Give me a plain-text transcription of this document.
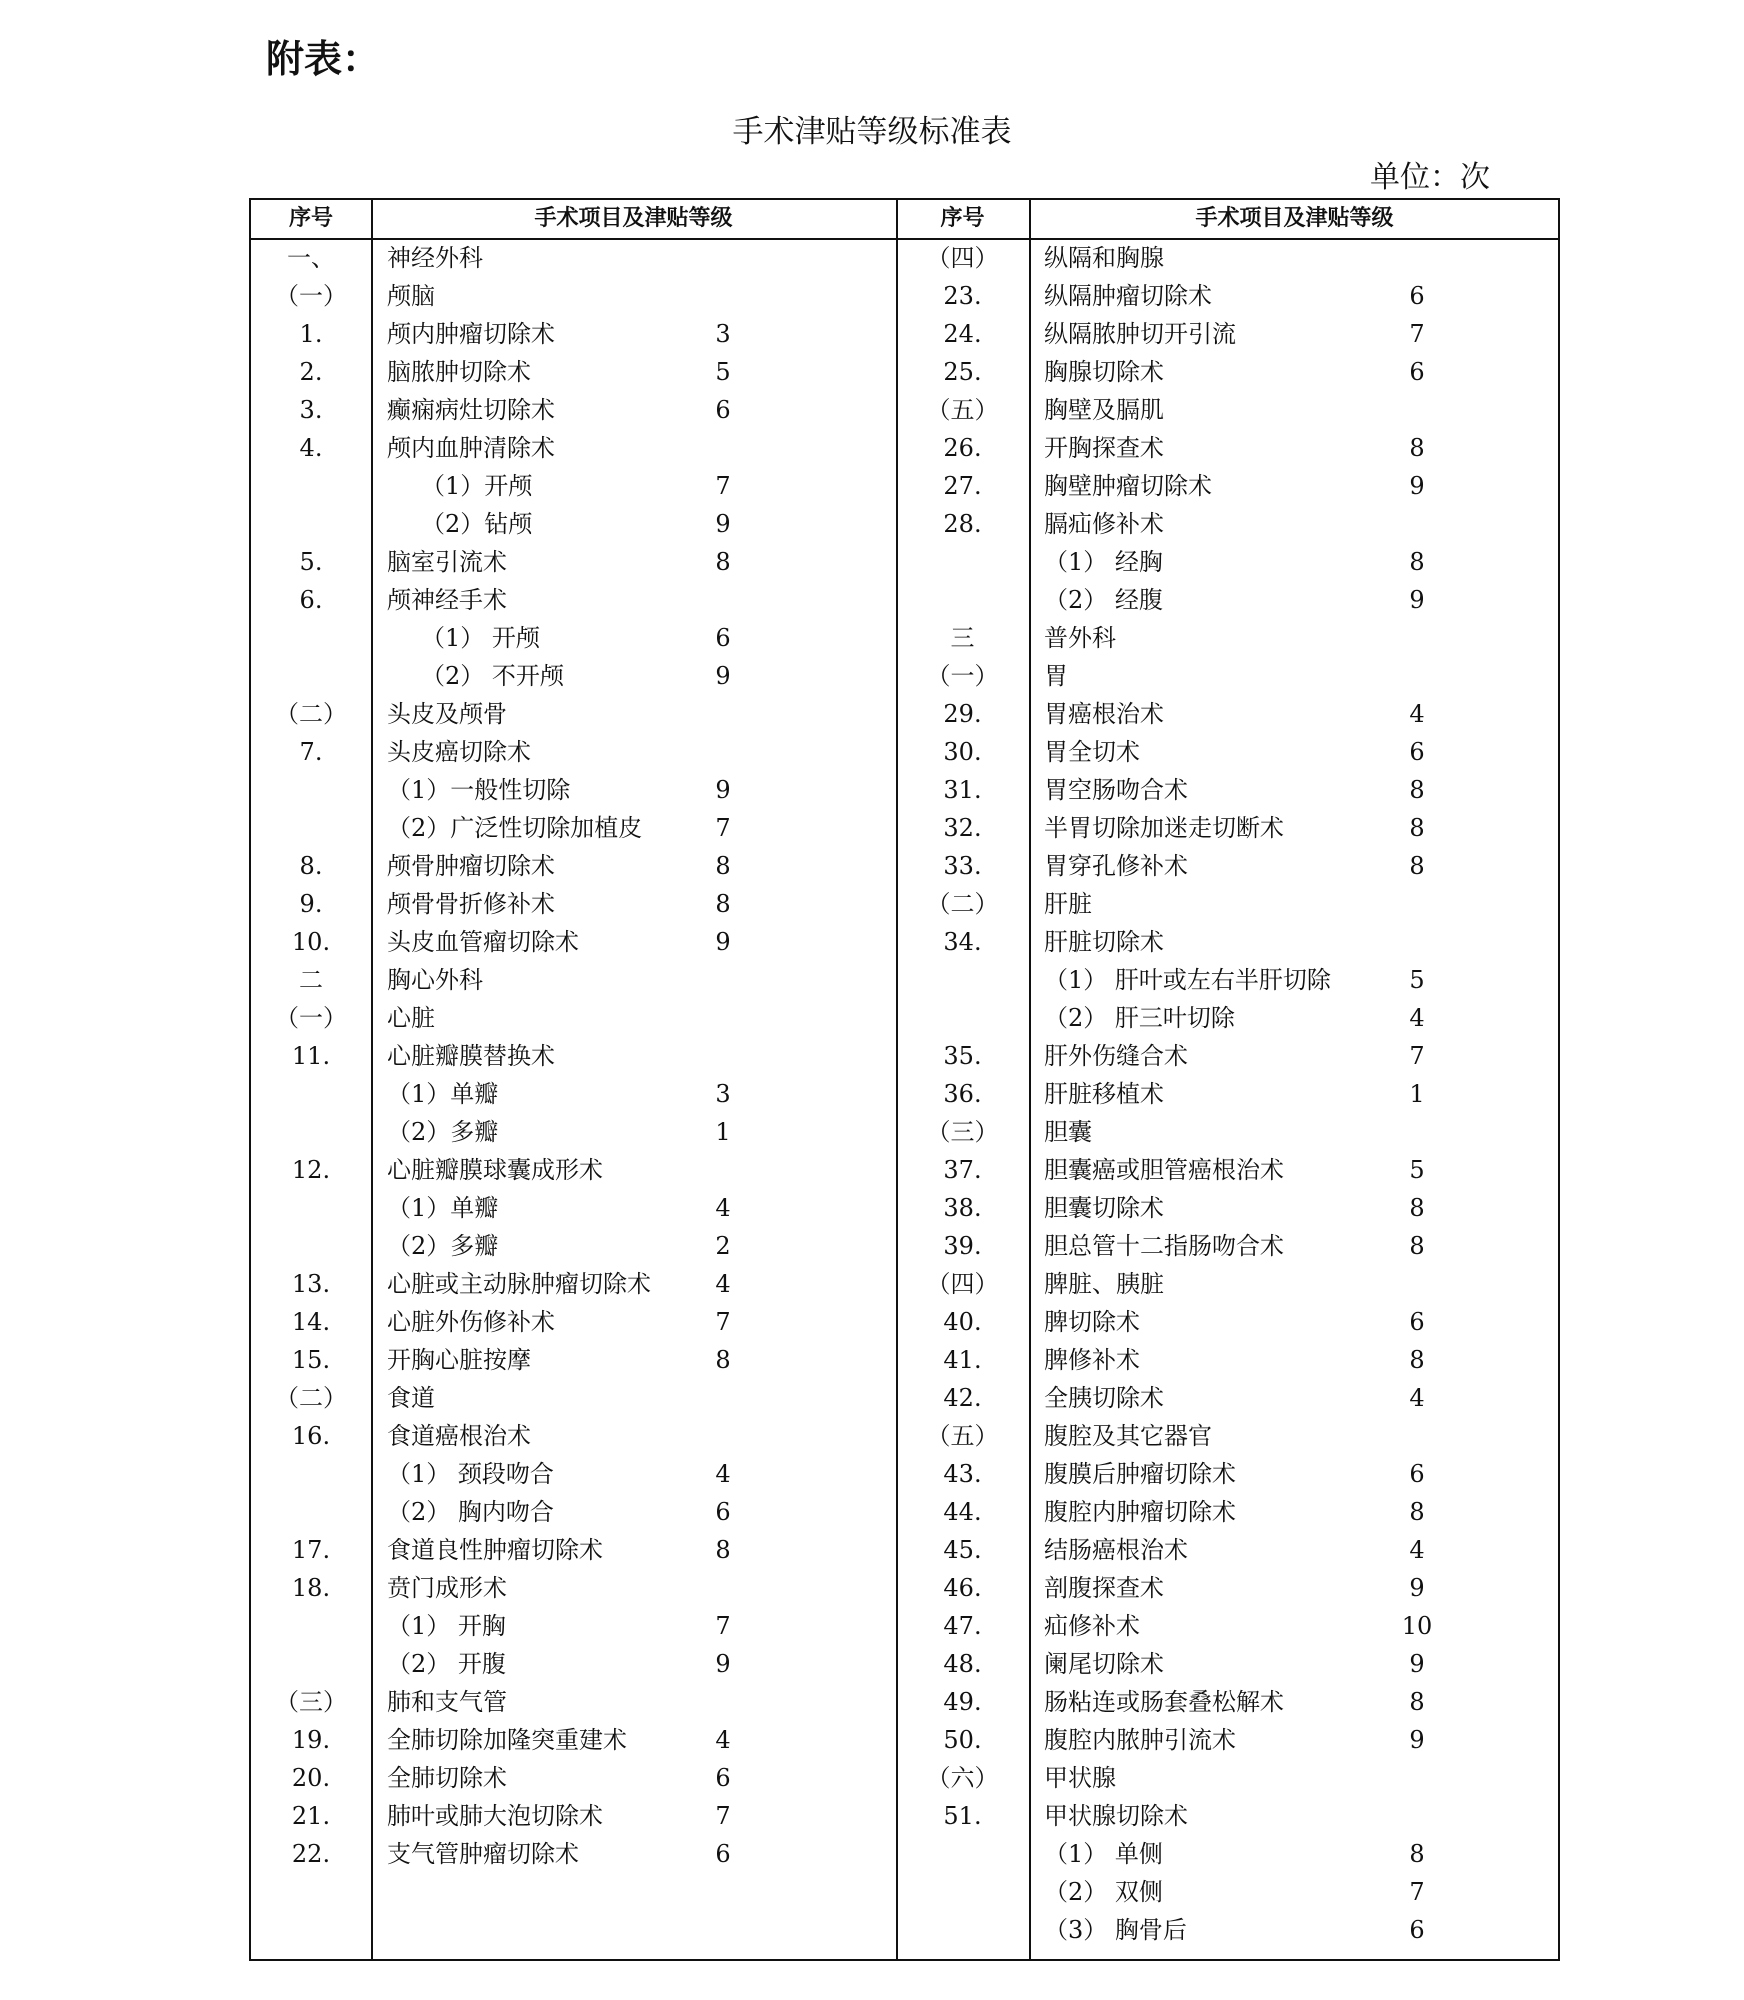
附表：
手术津贴等级标准表
单位：次
序号	手术项目及津贴等级	序号	手术项目及津贴等级
一、	神经外科
（一）	颅脑
1.	颅内肿瘤切除术	3
2.	脑脓肿切除术	5
3.	癫痫病灶切除术	6
4.	颅内血肿清除术
（1）开颅	7
（2）钻颅	9
5.	脑室引流术	8
6.	颅神经手术
（1） 开颅	6
（2） 不开颅	9
（二）	头皮及颅骨
7.	头皮癌切除术
（1）一般性切除	9
（2）广泛性切除加植皮	7
8.	颅骨肿瘤切除术	8
9.	颅骨骨折修补术	8
10.	头皮血管瘤切除术	9
二	胸心外科
（一）	心脏
11.	心脏瓣膜替换术
（1）单瓣	3
（2）多瓣	1
12.	心脏瓣膜球囊成形术
（1）单瓣	4
（2）多瓣	2
13.	心脏或主动脉肿瘤切除术	4
14.	心脏外伤修补术	7
15.	开胸心脏按摩	8
（二）	食道
16.	食道癌根治术
（1） 颈段吻合	4
（2） 胸内吻合	6
17.	食道良性肿瘤切除术	8
18.	贲门成形术
（1） 开胸	7
（2） 开腹	9
（三）	肺和支气管
19.	全肺切除加隆突重建术	4
20.	全肺切除术	6
21.	肺叶或肺大泡切除术	7
22.	支气管肿瘤切除术	6
（四）	纵隔和胸腺
23.	纵隔肿瘤切除术	6
24.	纵隔脓肿切开引流	7
25.	胸腺切除术	6
（五）	胸壁及膈肌
26.	开胸探查术	8
27.	胸壁肿瘤切除术	9
28.	膈疝修补术
（1） 经胸	8
（2） 经腹	9
三	普外科
（一）	胃
29.	胃癌根治术	4
30.	胃全切术	6
31.	胃空肠吻合术	8
32.	半胃切除加迷走切断术	8
33.	胃穿孔修补术	8
（二）	肝脏
34.	肝脏切除术
（1） 肝叶或左右半肝切除	5
（2） 肝三叶切除	4
35.	肝外伤缝合术	7
36.	肝脏移植术	1
（三）	胆囊
37.	胆囊癌或胆管癌根治术	5
38.	胆囊切除术	8
39.	胆总管十二指肠吻合术	8
（四）	脾脏、胰脏
40.	脾切除术	6
41.	脾修补术	8
42.	全胰切除术	4
（五）	腹腔及其它器官
43.	腹膜后肿瘤切除术	6
44.	腹腔内肿瘤切除术	8
45.	结肠癌根治术	4
46.	剖腹探查术	9
47.	疝修补术	10
48.	阑尾切除术	9
49.	肠粘连或肠套叠松解术	8
50.	腹腔内脓肿引流术	9
（六）	甲状腺
51.	甲状腺切除术
（1） 单侧	8
（2） 双侧	7
（3） 胸骨后	6
